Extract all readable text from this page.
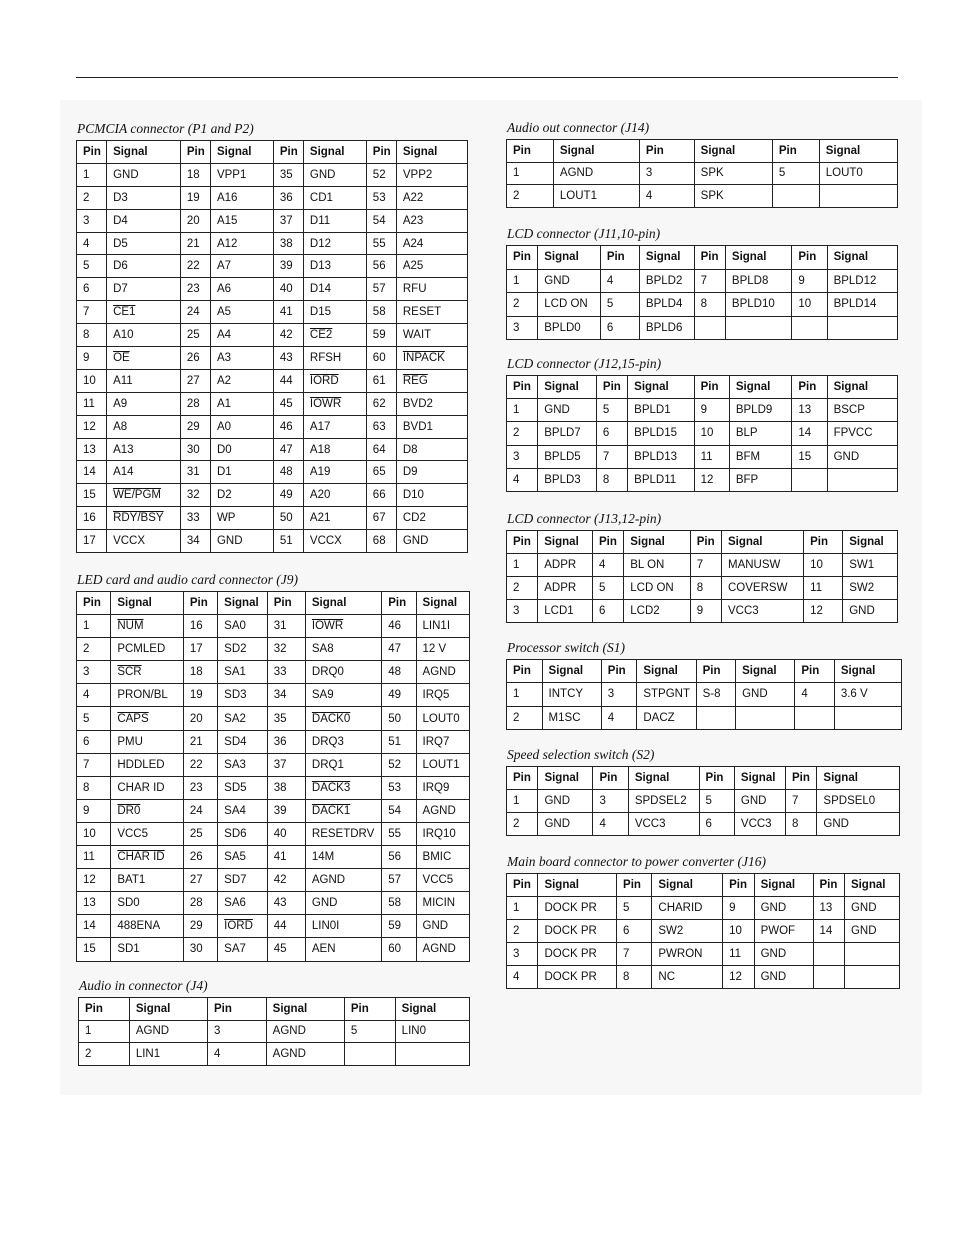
PCMCIA connector (P1 and P2)
Pin	Signal	Pin	Signal	Pin	Signal	Pin	Signal
1	GND	18	VPP1	35	GND	52	VPP2
2	D3	19	A16	36	CD1	53	A22
3	D4	20	A15	37	D11	54	A23
4	D5	21	A12	38	D12	55	A24
5	D6	22	A7	39	D13	56	A25
6	D7	23	A6	40	D14	57	RFU
7	CE1	24	A5	41	D15	58	RESET
8	A10	25	A4	42	CE2	59	WAIT
9	$\overline{OE}$	26	A3	43	RFSH	60	INPACK
10	A11	27	A2	44	IORD	61	$\overline{REG}$
11	A9	28	A1	45	IOWR	62	BVD2
12	A8	29	A0	46	A17	63	BVD1
13	A13	30	D0	47	A18	64	D8
14	A14	31	D1	48	A19	65	D9
15	WE/PGM	32	D2	49	A20	66	D10
16	RDY/BSY	33	WP	50	A21	67	CD2
17	VCCX	34	GND	51	VCCX	68	GND
LED card and audio card connector (J9)
Pin	Signal	Pin	Signal	Pin	Signal	Pin	Signal
1	$\overline{NUM}$	16	SA0	31	IOWR	46	LIN1I
2	PCMLED	17	SD2	32	SA8	47	12 V
3	$\overline{SCR}$	18	SA1	33	DRQ0	48	AGND
4	PRON/BL	19	SD3	34	SA9	49	IRQ5
5	CAPS	20	SA2	35	DACK0	50	LOUT0
6	PMU	21	SD4	36	DRQ3	51	IRQ7
7	HDDLED	22	SA3	37	DRQ1	52	LOUT1
8	CHAR ID	23	SD5	38	DACK3	53	IRQ9
9	DR0	24	SA4	39	DACK1	54	AGND
10	VCC5	25	SD6	40	RESETDRV	55	IRQ10
11	CHAR ID	26	SA5	41	14M	56	BMIC
12	BAT1	27	SD7	42	AGND	57	VCC5
13	SD0	28	SA6	43	GND	58	MICIN
14	488ENA	29	IORD	44	LIN0I	59	GND
15	SD1	30	SA7	45	AEN	60	AGND
Audio in connector (J4)
Pin	Signal	Pin	Signal	Pin	Signal
1	AGND	3	AGND	5	LIN0
2	LIN1	4	AGND		
Audio out connector (J14)
Pin	Signal	Pin	Signal	Pin	Signal
1	AGND	3	SPK	5	LOUT0
2	LOUT1	4	SPK		
LCD connector (J11,10-pin)
Pin	Signal	Pin	Signal	Pin	Signal	Pin	Signal
1	GND	4	BPLD2	7	BPLD8	9	BPLD12
2	LCD ON	5	BPLD4	8	BPLD10	10	BPLD14
3	BPLD0	6	BPLD6				
LCD connector (J12,15-pin)
Pin	Signal	Pin	Signal	Pin	Signal	Pin	Signal
1	GND	5	BPLD1	9	BPLD9	13	BSCP
2	BPLD7	6	BPLD15	10	BLP	14	FPVCC
3	BPLD5	7	BPLD13	11	BFM	15	GND
4	BPLD3	8	BPLD11	12	BFP		
LCD connector (J13,12-pin)
Pin	Signal	Pin	Signal	Pin	Signal	Pin	Signal
1	ADPR	4	BL ON	7	MANUSW	10	SW1
2	ADPR	5	LCD ON	8	COVERSW	11	SW2
3	LCD1	6	LCD2	9	VCC3	12	GND
Processor switch (S1)
Pin	Signal	Pin	Signal	Pin	Signal	Pin	Signal
1	INTCY	3	STPGNT	S-8	GND	4	3.6 V
2	M1SC	4	DACZ				
Speed selection switch (S2)
Pin	Signal	Pin	Signal	Pin	Signal	Pin	Signal
1	GND	3	SPDSEL2	5	GND	7	SPDSEL0
2	GND	4	VCC3	6	VCC3	8	GND
Main board connector to power converter (J16)
Pin	Signal	Pin	Signal	Pin	Signal	Pin	Signal
1	DOCK PR	5	CHARID	9	GND	13	GND
2	DOCK PR	6	SW2	10	PWOF	14	GND
3	DOCK PR	7	PWRON	11	GND		
4	DOCK PR	8	NC	12	GND		
